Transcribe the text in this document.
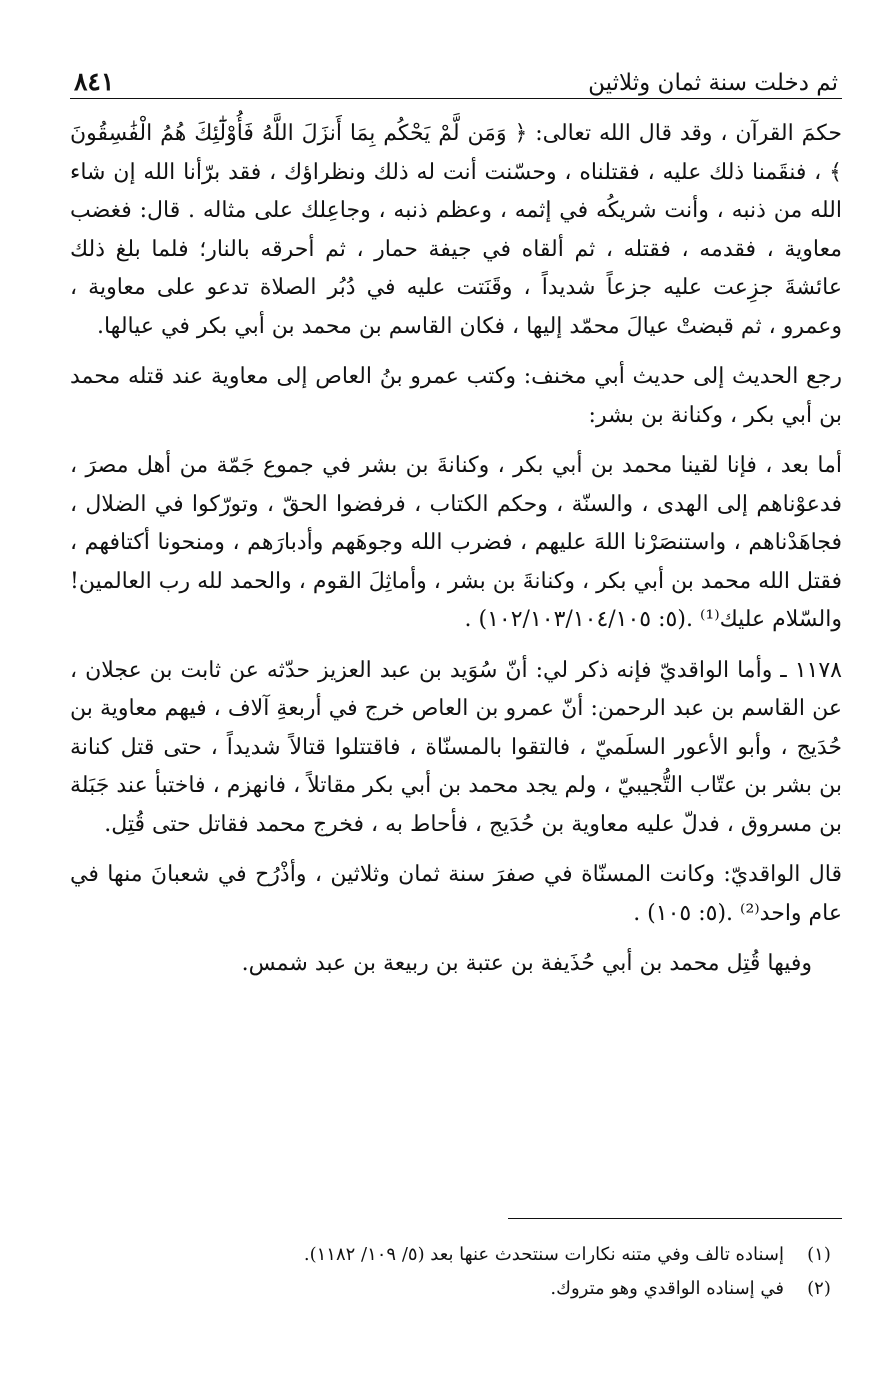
ثم دخلت سنة ثمان وثلاثين
٨٤١

حكمَ القرآن ، وقد قال الله تعالى: ﴿ وَمَن لَّمْ يَحْكُم بِمَا أَنزَلَ اللَّهُ فَأُوْلَٰٓئِكَ هُمُ الْفَٰسِقُونَ ﴾ ، فنقَمنا ذلك عليه ، فقتلناه ، وحسّنت أنت له ذلك ونظراؤك ، فقد برّأنا الله إن شاء الله من ذنبه ، وأنت شريكُه في إثمه ، وعظم ذنبه ، وجاعِلك على مثاله . قال: فغضب معاوية ، فقدمه ، فقتله ، ثم ألقاه في جيفة حمار ، ثم أحرقه بالنار؛ فلما بلغ ذلك عائشةَ جزِعت عليه جزعاً شديداً ، وقَنَتت عليه في دُبُر الصلاة تدعو على معاوية ، وعمرو ، ثم قبضتْ عيالَ محمّد إليها ، فكان القاسم بن محمد بن أبي بكر في عيالها.

رجع الحديث إلى حديث أبي مخنف: وكتب عمرو بنُ العاص إلى معاوية عند قتله محمد بن أبي بكر ، وكنانة بن بشر:

أما بعد ، فإنا لقينا محمد بن أبي بكر ، وكنانةَ بن بشر في جموع جَمّة من أهل مصرَ ، فدعوْناهم إلى الهدى ، والسنّة ، وحكم الكتاب ، فرفضوا الحقّ ، وتورّكوا في الضلال ، فجاهَدْناهم ، واستنصَرْنا اللهَ عليهم ، فضرب الله وجوهَهم وأدبارَهم ، ومنحونا أكتافهم ، فقتل الله محمد بن أبي بكر ، وكنانةَ بن بشر ، وأماثِلَ القوم ، والحمد لله رب العالمين! والسّلام عليك⁽¹⁾ .(٥: ١٠٢/١٠٣/١٠٤/١٠٥) .

١١٧٨ ـ وأما الواقديّ فإنه ذكر لي: أنّ سُوَيد بن عبد العزيز حدّثه عن ثابت بن عجلان ، عن القاسم بن عبد الرحمن: أنّ عمرو بن العاص خرج في أربعةِ آلاف ، فيهم معاوية بن حُدَيج ، وأبو الأعور السلَميّ ، فالتقوا بالمسنّاة ، فاقتتلوا قتالاً شديداً ، حتى قتل كنانة بن بشر بن عتّاب التُّجيبيّ ، ولم يجد محمد بن أبي بكر مقاتلاً ، فانهزم ، فاختبأ عند جَبَلة بن مسروق ، فدلّ عليه معاوية بن حُدَيج ، فأحاط به ، فخرج محمد فقاتل حتى قُتِل.

قال الواقديّ: وكانت المسنّاة في صفرَ سنة ثمان وثلاثين ، وأذْرُح في شعبانَ منها في عام واحد⁽²⁾ .(٥: ١٠٥) .

وفيها قُتِل محمد بن أبي حُذَيفة بن عتبة بن ربيعة بن عبد شمس.

(١)
إسناده تالف وفي متنه نكارات سنتحدث عنها بعد (٥/ ١٠٩/ ١١٨٢).
(٢)
في إسناده الواقدي وهو متروك.
